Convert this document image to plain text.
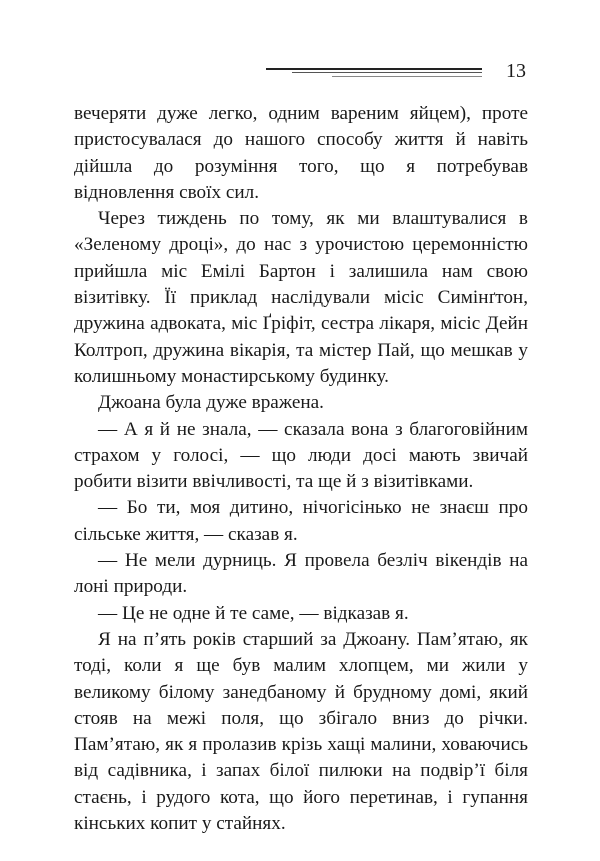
13

вечеряти дуже легко, одним вареним яйцем), проте пристосувалася до нашого способу життя й навіть дійшла до розуміння того, що я потребував відновлення своїх сил.

Через тиждень по тому, як ми влаштувалися в «Зеленому дроці», до нас з урочистою церемонністю прийшла міс Емілі Бартон і залишила нам свою візитівку. Її приклад наслідували місіс Симінґтон, дружина адвоката, міс Ґріфіт, сестра лікаря, місіс Дейн Колтроп, дружина вікарія, та містер Пай, що мешкав у колишньому монастирському будинку.

Джоана була дуже вражена.

— А я й не знала, — сказала вона з благоговійним страхом у голосі, — що люди досі мають звичай робити візити ввічливості, та ще й з візитівками.

— Бо ти, моя дитино, нічогісінько не знаєш про сільське життя, — сказав я.

— Не мели дурниць. Я провела безліч вікендів на лоні природи.

— Це не одне й те саме, — відказав я.

Я на п’ять років старший за Джоану. Пам’ятаю, як тоді, коли я ще був малим хлопцем, ми жили у великому білому занедбаному й брудному домі, який стояв на межі поля, що збігало вниз до річки. Пам’ятаю, як я пролазив крізь хащі малини, ховаючись від садівника, і запах білої пилюки на подвір’ї біля стаєнь, і рудого кота, що його перетинав, і гупання кінських копит у стайнях.
